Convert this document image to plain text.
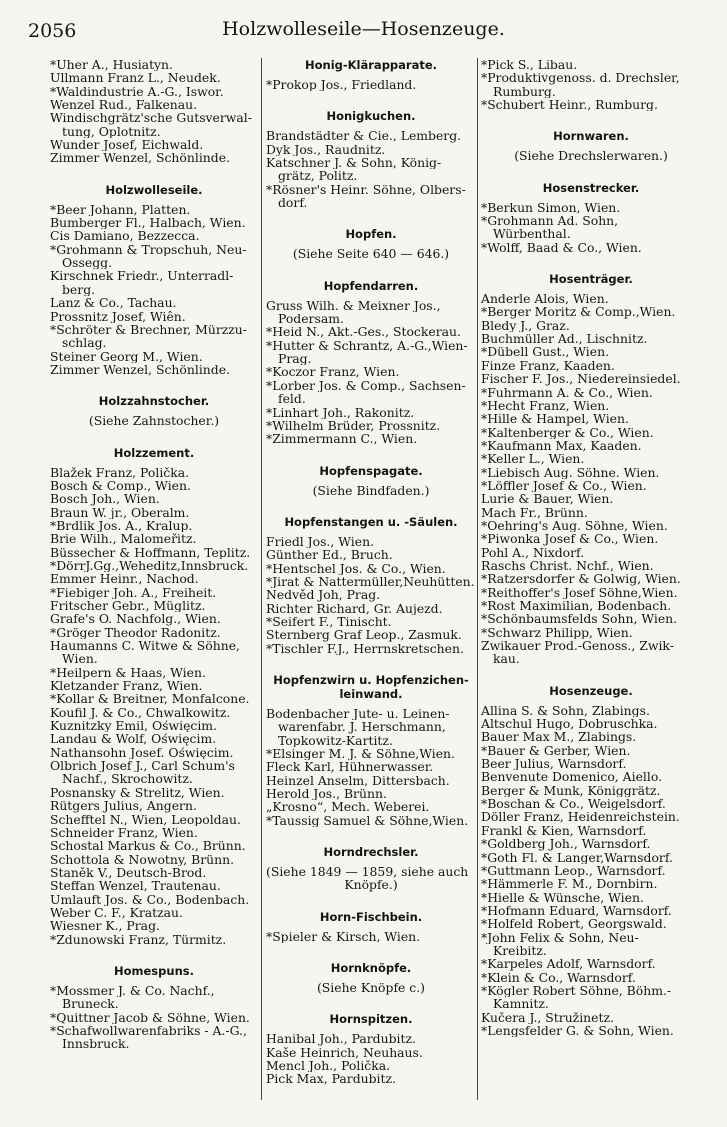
2056	Holzwolleseile—Hosenzeuge.
*Uher A., Husiatyn.
Ullmann Franz L., Neudek.
*Waldindustrie A.-G., Iswor.
Wenzel Rud., Falkenau.
Windischgrätz'sche Gutsverwal-
tung, Oplotnitz.
Wunder Josef, Eichwald.
Zimmer Wenzel, Schönlinde.
Holzwolleseile.
*Beer Johann, Platten.
Bumberger Fl., Halbach, Wien.
Cis Damiano, Bezzecca.
*Grohmann & Tropschuh, Neu-
Ossegg.
Kirschnek Friedr., Unterradl-
berg.
Lanz & Co., Tachau.
Prossnitz Josef, Wiên.
*Schröter & Brechner, Mürzzu-
schlag.
Steiner Georg M., Wien.
Zimmer Wenzel, Schönlinde.
Holzzahnstocher.
(Siehe Zahnstocher.)
Holzzement.
Blažek Franz, Polička.
Bosch & Comp., Wien.
Bosch Joh., Wien.
Braun W. jr., Oberalm.
*Brdlik Jos. A., Kralup.
Brie Wilh., Malomeřitz.
Büssecher & Hoffmann, Teplitz.
*DörrJ.Gg.,Weheditz,Innsbruck.
Emmer Heinr., Nachod.
*Fiebiger Joh. A., Freiheit.
Fritscher Gebr., Müglitz.
Grafe's O. Nachfolg., Wien.
*Gröger Theodor Radonitz.
Haumanns C. Witwe & Söhne,
Wien.
*Heilpern & Haas, Wien.
Kletzander Franz, Wien.
*Kollar & Breitner, Monfalcone.
Koufil J. & Co., Chwalkowitz.
Kuznitzky Emil, Oświęcim.
Landau & Wolf, Oświęcim.
Nathansohn Josef. Oświęcim.
Olbrich Josef J., Carl Schum's
Nachf., Skrochowitz.
Posnansky & Strelitz, Wien.
Rütgers Julius, Angern.
Schefftel N., Wien, Leopoldau.
Schneider Franz, Wien.
Schostal Markus & Co., Brünn.
Schottola & Nowotny, Brünn.
Staněk V., Deutsch-Brod.
Steffan Wenzel, Trautenau.
Umlauft Jos. & Co., Bodenbach.
Weber C. F., Kratzau.
Wiesner K., Prag.
*Zdunowski Franz, Türmitz.
Homespuns.
*Mossmer J. & Co. Nachf.,
Bruneck.
*Quittner Jacob & Söhne, Wien.
*Schafwollwarenfabriks - A.-G.,
Innsbruck.
Honig-Klärapparate.
*Prokop Jos., Friedland.
Honigkuchen.
Brandstädter & Cie., Lemberg.
Dyk Jos., Raudnitz.
Katschner J. & Sohn, König-
grätz, Politz.
*Rösner's Heinr. Söhne, Olbers-
dorf.
Hopfen.
(Siehe Seite 640 — 646.)
Hopfendarren.
Gruss Wilh. & Meixner Jos.,
Podersam.
*Heid N., Akt.-Ges., Stockerau.
*Hutter & Schrantz, A.-G.,Wien-
Prag.
*Koczor Franz, Wien.
*Lorber Jos. & Comp., Sachsen-
feld.
*Linhart Joh., Rakonitz.
*Wilhelm Brüder, Prossnitz.
*Zimmermann C., Wien.
Hopfenspagate.
(Siehe Bindfaden.)
Hopfenstangen u. -Säulen.
Friedl Jos., Wien.
Günther Ed., Bruch.
*Hentschel Jos. & Co., Wien.
*Jirat & Nattermüller,Neuhütten.
Nedvěd Joh, Prag.
Richter Richard, Gr. Aujezd.
*Seifert F., Tinischt.
Sternberg Graf Leop., Zasmuk.
*Tischler F.J., Herrnskretschen.
Hopfenzwirn u. Hopfenzichen-
leinwand.
Bodenbacher Jute- u. Leinen-
warenfabr. J. Herschmann,
Topkowitz-Kartitz.
*Elsinger M. J. & Söhne,Wien.
Fleck Karl, Hühnerwasser.
Heinzel Anselm, Dittersbach.
Herold Jos., Brünn.
„Krosno“, Mech. Weberei.
*Taussig Samuel & Söhne,Wien.
Horndrechsler.
(Siehe 1849 — 1859, siehe auch
Knöpfe.)
Horn-Fischbein.
*Spieler & Kirsch, Wien.
Hornknöpfe.
(Siehe Knöpfe c.)
Hornspitzen.
Hanibal Joh., Pardubitz.
Kaše Heinrich, Neuhaus.
Mencl Joh., Polička.
Pick Max, Pardubitz.
*Pick S., Libau.
*Produktivgenoss. d. Drechsler,
Rumburg.
*Schubert Heinr., Rumburg.
Hornwaren.
(Siehe Drechslerwaren.)
Hosenstrecker.
*Berkun Simon, Wien.
*Grohmann Ad. Sohn,
Würbenthal.
*Wolff, Baad & Co., Wien.
Hosenträger.
Anderle Alois, Wien.
*Berger Moritz & Comp.,Wien.
Bledy J., Graz.
Buchmüller Ad., Lischnitz.
*Dübell Gust., Wien.
Finze Franz, Kaaden.
Fischer F. Jos., Niedereinsiedel.
*Fuhrmann A. & Co., Wien.
*Hecht Franz, Wien.
*Hille & Hampel, Wien.
*Kaltenberger & Co., Wien.
*Kaufmann Max, Kaaden.
*Keller L., Wien.
*Liebisch Aug. Söhne. Wien.
*Löffler Josef & Co., Wien.
Lurie & Bauer, Wien.
Mach Fr., Brünn.
*Oehring's Aug. Söhne, Wien.
*Piwonka Josef & Co., Wien.
Pohl A., Nixdorf.
Raschs Christ. Nchf., Wien.
*Ratzersdorfer & Golwig, Wien.
*Reithoffer's Josef Söhne,Wien.
*Rost Maximilian, Bodenbach.
*Schönbaumsfelds Sohn, Wien.
*Schwarz Philipp, Wien.
Zwikauer Prod.-Genoss., Zwik-
kau.
Hosenzeuge.
Allina S. & Sohn, Zlabings.
Altschul Hugo, Dobruschka.
Bauer Max M., Zlabings.
*Bauer & Gerber, Wien.
Beer Julius, Warnsdorf.
Benvenute Domenico, Aiello.
Berger & Munk, Königgrätz.
*Boschan & Co., Weigelsdorf.
Döller Franz, Heidenreichstein.
Frankl & Kien, Warnsdorf.
*Goldberg Joh., Warnsdorf.
*Goth Fl. & Langer,Warnsdorf.
*Guttmann Leop., Warnsdorf.
*Hämmerle F. M., Dornbirn.
*Hielle & Wünsche, Wien.
*Hofmann Eduard, Warnsdorf.
*Holfeld Robert, Georgswald.
*John Felix & Sohn, Neu-
Kreibitz.
*Karpeles Adolf, Warnsdorf.
*Klein & Co., Warnsdorf.
*Kögler Robert Söhne, Böhm.-
Kamnitz.
Kučera J., Stružinetz.
*Lengsfelder G. & Sohn, Wien.
